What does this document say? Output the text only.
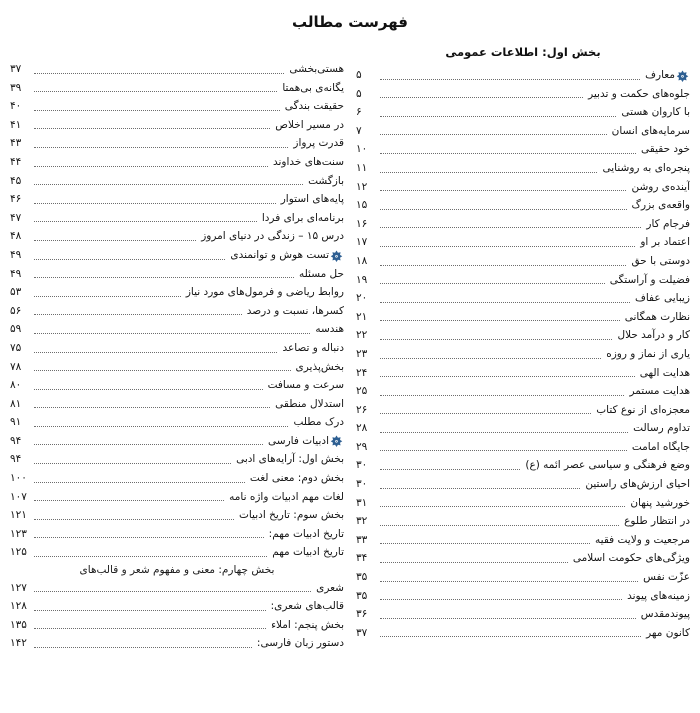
فهرست مطالب
بخش اول: اطلاعات عمومی
معارف
۵
جلوه‌های حکمت و تدبیر
۵
با کاروان هستی
۶
سرمایه‌های انسان
۷
خود حقیقی
۱۰
پنجره‌ای به روشنایی
۱۱
آینده‌ی روشن
۱۲
واقعه‌ی بزرگ
۱۵
فرجام کار
۱۶
اعتماد بر او
۱۷
دوستی با حق
۱۸
فضیلت و آراستگی
۱۹
زیبایی عفاف
۲۰
نظارت همگانی
۲۱
کار و درآمد حلال
۲۲
یاری از نماز و روزه
۲۳
هدایت الهی
۲۴
هدایت مستمر
۲۵
معجزه‌ای از نوع کتاب
۲۶
تداوم رسالت
۲۸
جایگاه امامت
۲۹
وضع فرهنگی و سیاسی عصر ائمه (ع)
۳۰
احیای ارزش‌های راستین
۳۰
خورشید پنهان
۳۱
در انتظار طلوع
۳۲
مرجعیت و ولایت فقیه
۳۳
ویژگی‌های حکومت اسلامی
۳۴
عزّت نفس
۳۵
زمینه‌های پیوند
۳۵
پیوندمقدس
۳۶
کانون مهر
۳۷
هستی‌بخشی
۳۷
یگانه‌ی بی‌همتا
۳۹
حقیقت بندگی
۴۰
در مسیر اخلاص
۴۱
قدرت پرواز
۴۳
سنت‌های خداوند
۴۴
بازگشت
۴۵
پایه‌های استوار
۴۶
برنامه‌ای برای فردا
۴۷
درس ۱۵ – زندگی در دنیای امروز
۴۸
تست هوش و توانمندی
۴۹
حل مسئله
۴۹
روابط ریاضی و فرمول‌های مورد نیاز
۵۳
کسرها، نسبت و درصد
۵۶
هندسه
۵۹
دنباله و تصاعد
۷۵
بخش‌پذیری
۷۸
سرعت و مسافت
۸۰
استدلال منطقی
۸۱
درک مطلب
۹۱
ادبیات فارسی
۹۴
بخش اول: آرایه‌های ادبی
۹۴
بخش دوم: معنی لغت
۱۰۰
لغات مهم ادبیات واژه نامه
۱۰۷
بخش سوم: تاریخ ادبیات
۱۲۱
تاریخ ادبیات مهم:
۱۲۳
تاریخ ادبیات مهم
۱۲۵
بخش چهارم: معنی و مفهوم شعر و قالب‌های
شعری
۱۲۷
قالب‌های شعری:
۱۲۸
بخش پنجم: املاء
۱۳۵
دستور زبان فارسی:
۱۴۲
